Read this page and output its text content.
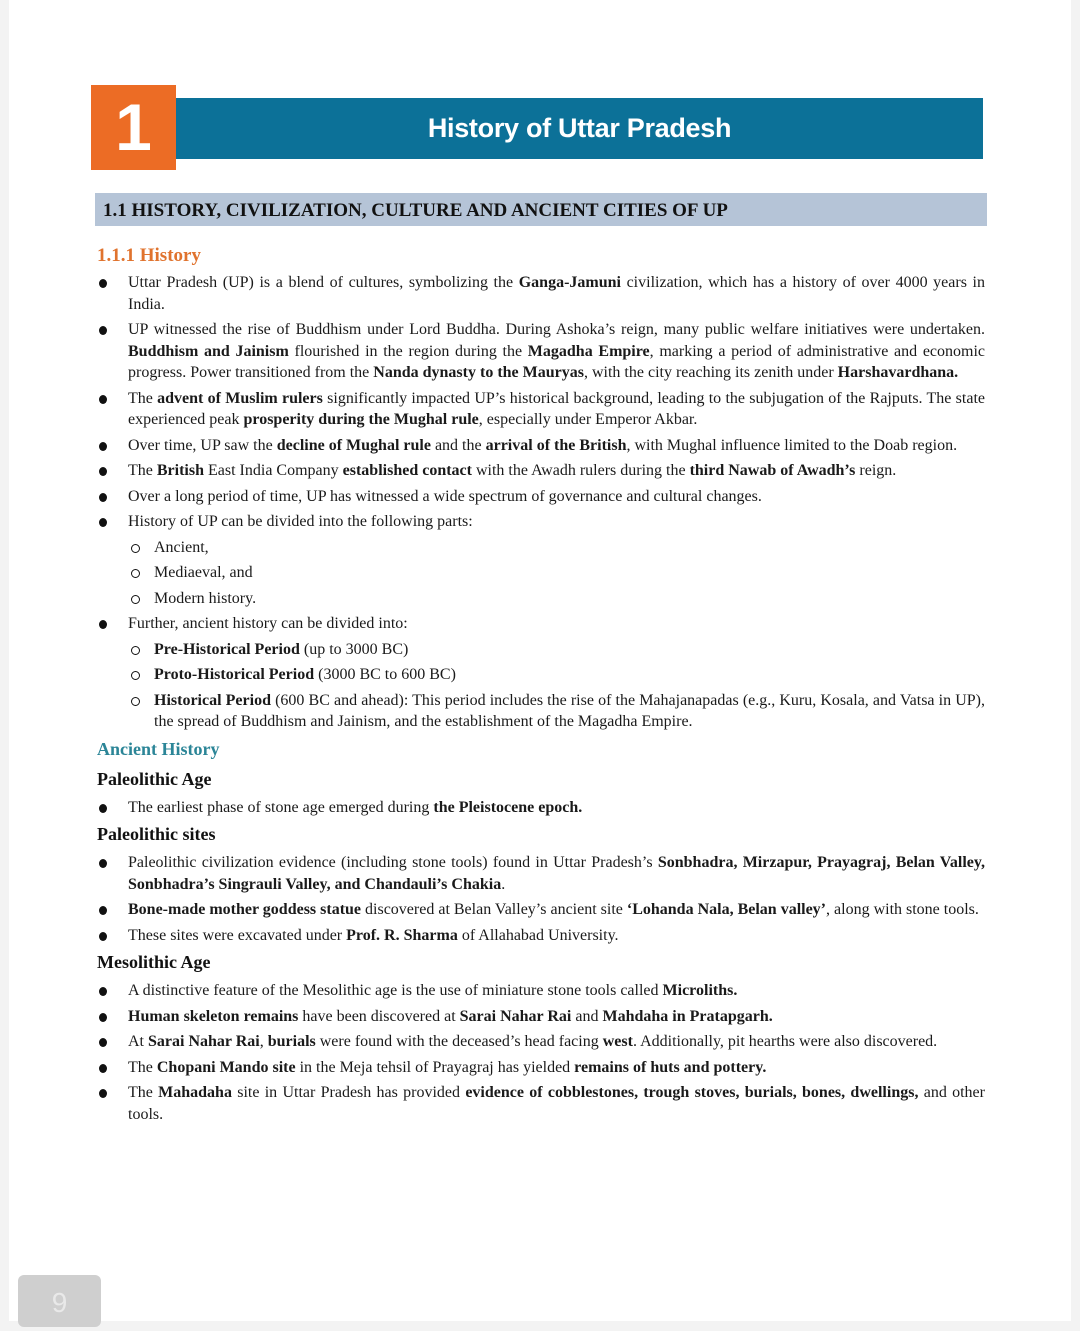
1	History of Uttar Pradesh
1.1 HISTORY, CIVILIZATION, CULTURE AND ANCIENT CITIES OF UP
1.1.1 History
Uttar Pradesh (UP) is a blend of cultures, symbolizing the Ganga-Jamuni civilization, which has a history of over 4000 years in India.
UP witnessed the rise of Buddhism under Lord Buddha. During Ashoka’s reign, many public welfare initiatives were undertaken. Buddhism and Jainism flourished in the region during the Magadha Empire, marking a period of administrative and economic progress. Power transitioned from the Nanda dynasty to the Mauryas, with the city reaching its zenith under Harshavardhana.
The advent of Muslim rulers significantly impacted UP’s historical background, leading to the subjugation of the Rajputs. The state experienced peak prosperity during the Mughal rule, especially under Emperor Akbar.
Over time, UP saw the decline of Mughal rule and the arrival of the British, with Mughal influence limited to the Doab region.
The British East India Company established contact with the Awadh rulers during the third Nawab of Awadh’s reign.
Over a long period of time, UP has witnessed a wide spectrum of governance and cultural changes.
History of UP can be divided into the following parts:
Ancient,
Mediaeval, and
Modern history.
Further, ancient history can be divided into:
Pre-Historical Period (up to 3000 BC)
Proto-Historical Period (3000 BC to 600 BC)
Historical Period (600 BC and ahead): This period includes the rise of the Mahajanapadas (e.g., Kuru, Kosala, and Vatsa in UP), the spread of Buddhism and Jainism, and the establishment of the Magadha Empire.
Ancient History
Paleolithic Age
The earliest phase of stone age emerged during the Pleistocene epoch.
Paleolithic sites
Paleolithic civilization evidence (including stone tools) found in Uttar Pradesh’s Sonbhadra, Mirzapur, Prayagraj, Belan Valley, Sonbhadra’s Singrauli Valley, and Chandauli’s Chakia.
Bone-made mother goddess statue discovered at Belan Valley’s ancient site ‘Lohanda Nala, Belan valley’, along with stone tools.
These sites were excavated under Prof. R. Sharma of Allahabad University.
Mesolithic Age
A distinctive feature of the Mesolithic age is the use of miniature stone tools called Microliths.
Human skeleton remains have been discovered at Sarai Nahar Rai and Mahdaha in Pratapgarh.
At Sarai Nahar Rai, burials were found with the deceased’s head facing west. Additionally, pit hearths were also discovered.
The Chopani Mando site in the Meja tehsil of Prayagraj has yielded remains of huts and pottery.
The Mahadaha site in Uttar Pradesh has provided evidence of cobblestones, trough stoves, burials, bones, dwellings, and other tools.
9
